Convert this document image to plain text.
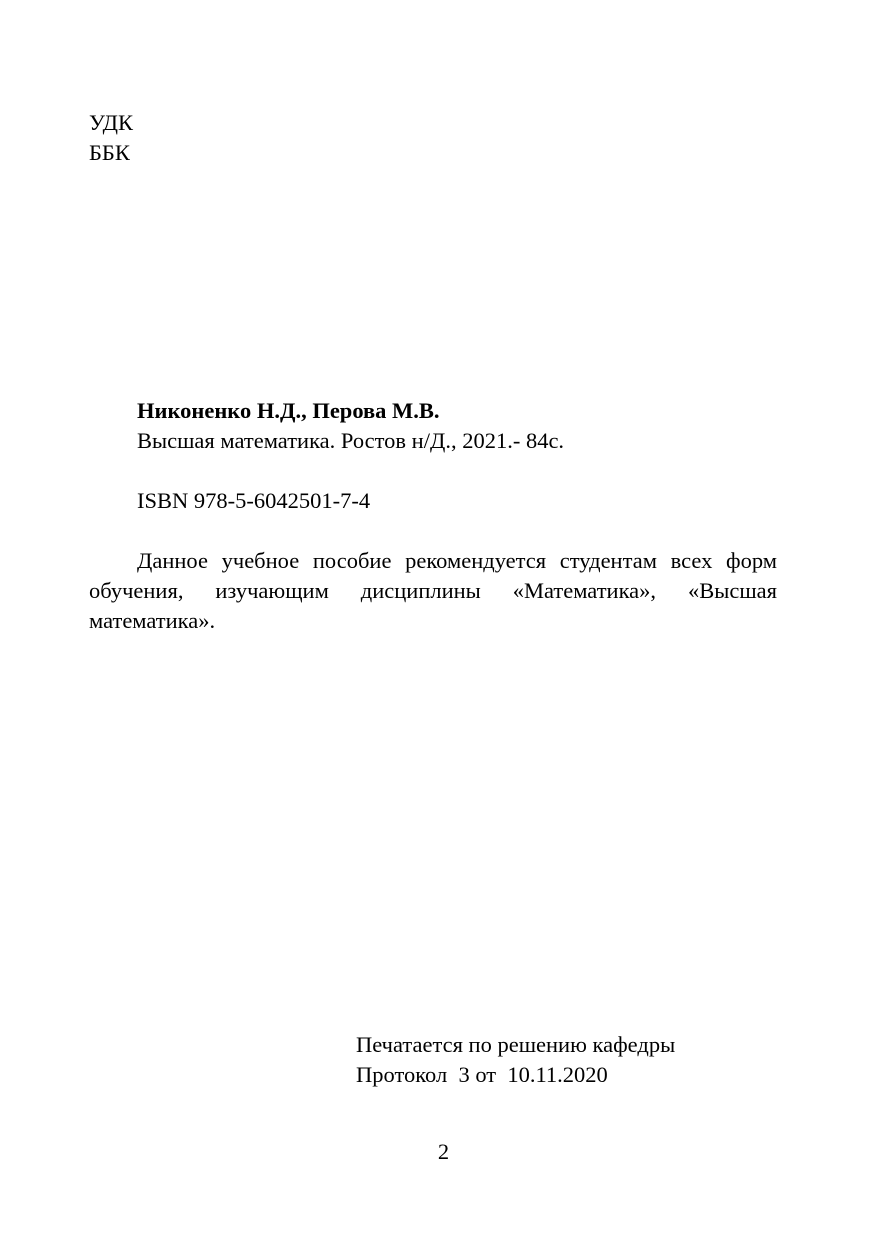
УДК
ББК
Никоненко Н.Д., Перова М.В.
Высшая математика. Ростов н/Д., 2021.- 84с.
ISBN 978-5-6042501-7-4
Данное учебное пособие рекомендуется студентам всех форм обучения, изучающим дисциплины «Математика», «Высшая математика».
Печатается по решению кафедры
Протокол  3 от  10.11.2020
2
